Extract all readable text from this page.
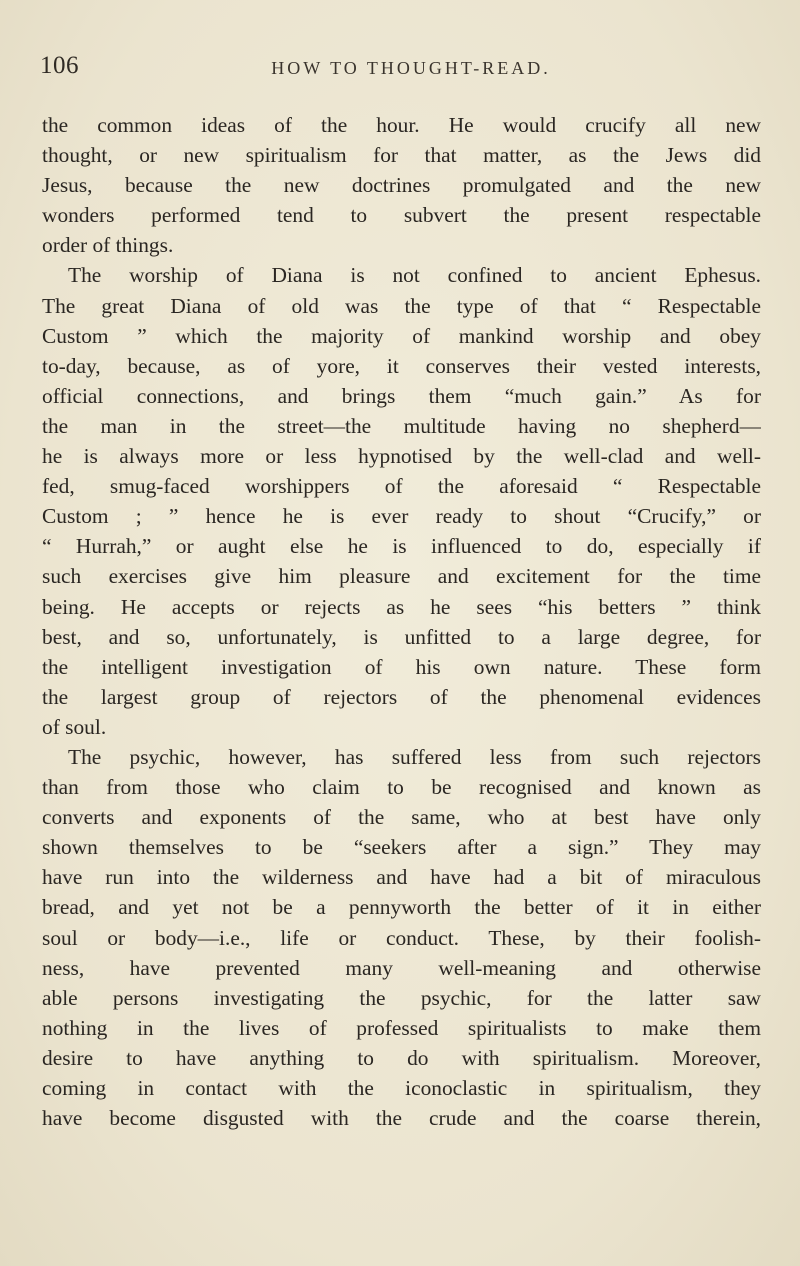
106	HOW TO THOUGHT-READ.
the common ideas of the hour. He would crucify all new
thought, or new spiritualism for that matter, as the Jews did
Jesus, because the new doctrines promulgated and the new
wonders performed tend to subvert the present respectable
order of things.
The worship of Diana is not confined to ancient Ephesus.
The great Diana of old was the type of that “ Respectable
Custom ” which the majority of mankind worship and obey
to-day, because, as of yore, it conserves their vested interests,
official connections, and brings them “much gain.” As for
the man in the street—the multitude having no shepherd—
he is always more or less hypnotised by the well-clad and well-
fed, smug-faced worshippers of the aforesaid “ Respectable
Custom ; ” hence he is ever ready to shout “Crucify,” or
“ Hurrah,” or aught else he is influenced to do, especially if
such exercises give him pleasure and excitement for the time
being. He accepts or rejects as he sees “his betters ” think
best, and so, unfortunately, is unfitted to a large degree, for
the intelligent investigation of his own nature. These form
the largest group of rejectors of the phenomenal evidences
of soul.
The psychic, however, has suffered less from such rejectors
than from those who claim to be recognised and known as
converts and exponents of the same, who at best have only
shown themselves to be “seekers after a sign.” They may
have run into the wilderness and have had a bit of miraculous
bread, and yet not be a pennyworth the better of it in either
soul or body—i.e., life or conduct. These, by their foolish-
ness, have prevented many well-meaning and otherwise
able persons investigating the psychic, for the latter saw
nothing in the lives of professed spiritualists to make them
desire to have anything to do with spiritualism. Moreover,
coming in contact with the iconoclastic in spiritualism, they
have become disgusted with the crude and the coarse therein,
